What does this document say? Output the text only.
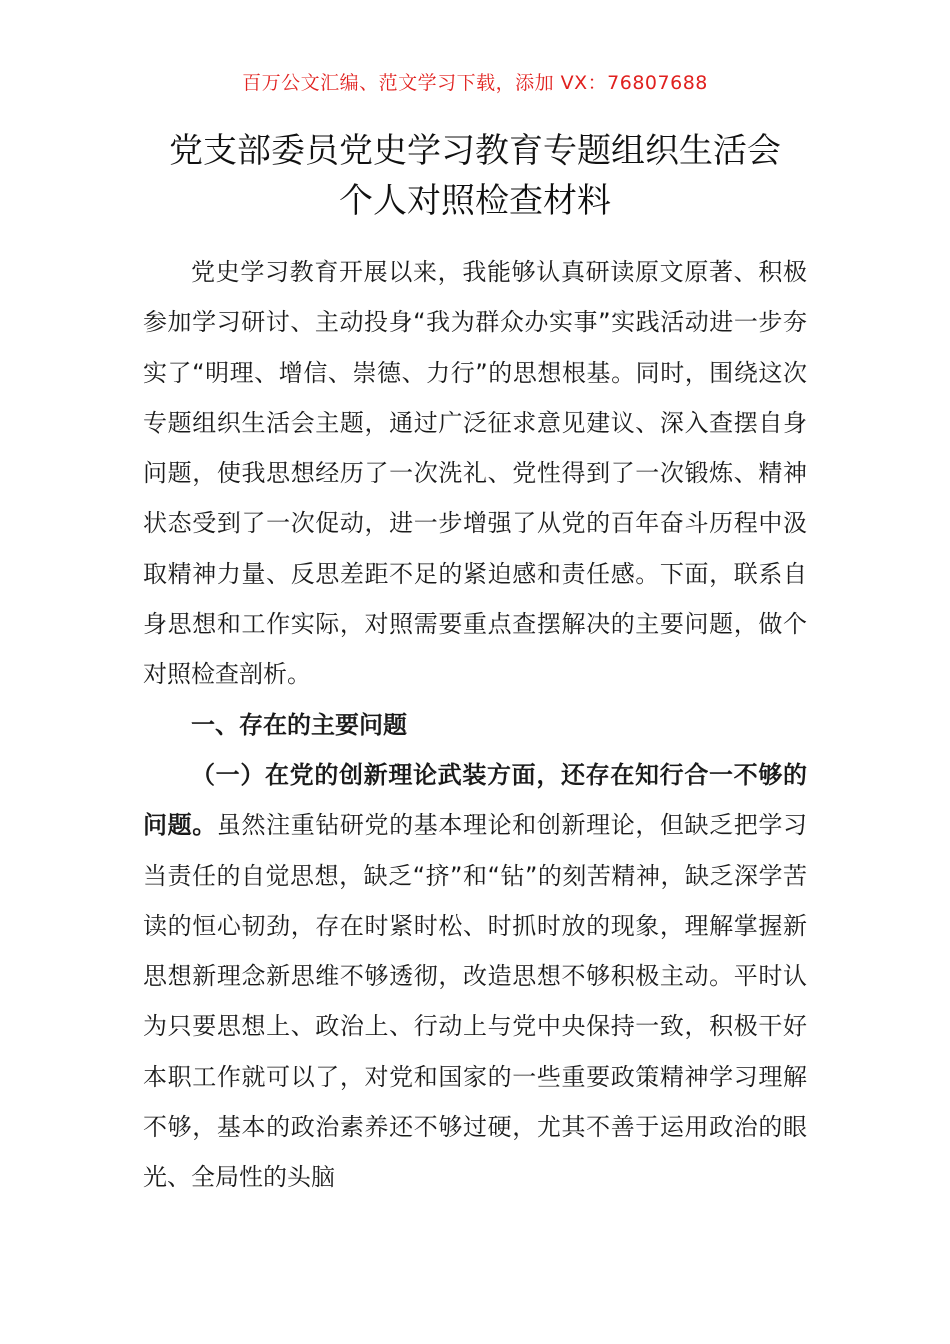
百万公文汇编、范文学习下载，添加 VX：76807688
党支部委员党史学习教育专题组织生活会
个人对照检查材料

党史学习教育开展以来，我能够认真研读原文原著、积极参加学习研讨、主动投身“我为群众办实事”实践活动进一步夯实了“明理、增信、崇德、力行”的思想根基。同时，围绕这次专题组织生活会主题，通过广泛征求意见建议、深入查摆自身问题，使我思想经历了一次洗礼、党性得到了一次锻炼、精神状态受到了一次促动，进一步增强了从党的百年奋斗历程中汲取精神力量、反思差距不足的紧迫感和责任感。下面，联系自身思想和工作实际，对照需要重点查摆解决的主要问题，做个对照检查剖析。

一、存在的主要问题

（一）在党的创新理论武装方面，还存在知行合一不够的问题。虽然注重钻研党的基本理论和创新理论，但缺乏把学习当责任的自觉思想，缺乏“挤”和“钻”的刻苦精神，缺乏深学苦读的恒心韧劲，存在时紧时松、时抓时放的现象，理解掌握新思想新理念新思维不够透彻，改造思想不够积极主动。平时认为只要思想上、政治上、行动上与党中央保持一致，积极干好本职工作就可以了，对党和国家的一些重要政策精神学习理解不够，基本的政治素养还不够过硬，尤其不善于运用政治的眼光、全局性的头脑
